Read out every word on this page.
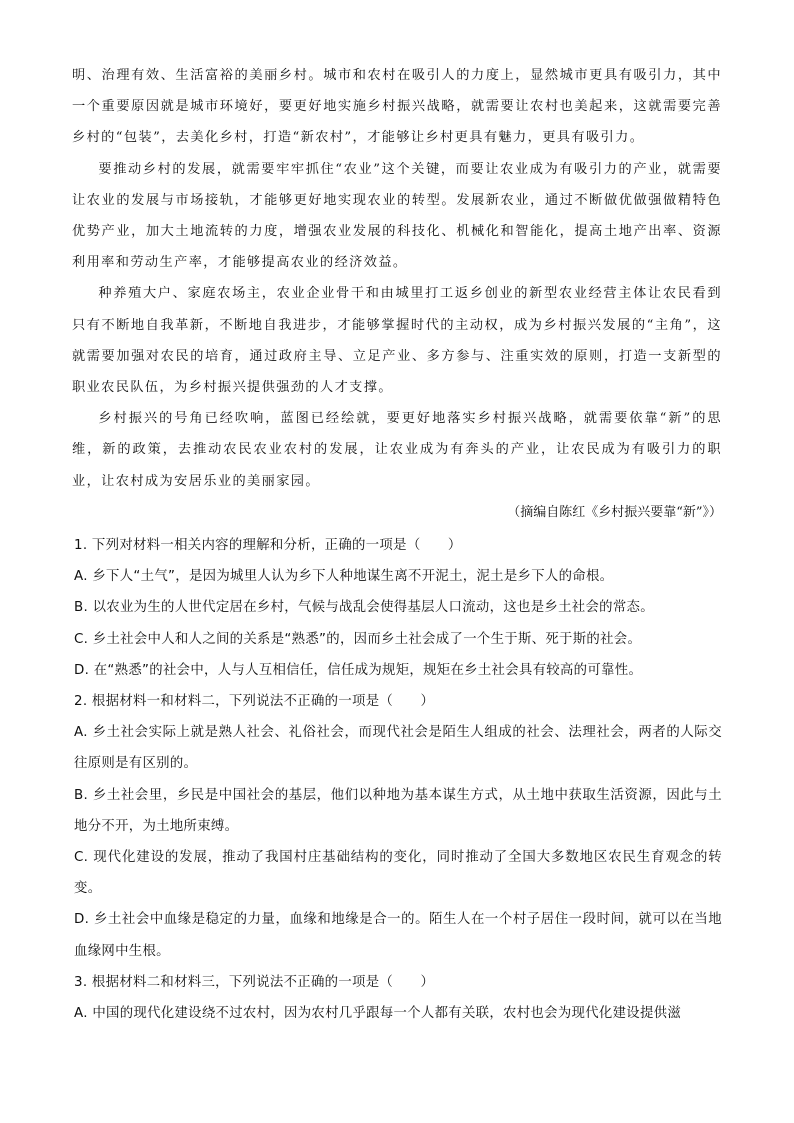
明、治理有效、生活富裕的美丽乡村。城市和农村在吸引人的力度上，显然城市更具有吸引力，其中一个重要原因就是城市环境好，要更好地实施乡村振兴战略，就需要让农村也美起来，这就需要完善乡村的“包装”，去美化乡村，打造“新农村”，才能够让乡村更具有魅力，更具有吸引力。

要推动乡村的发展，就需要牢牢抓住“农业”这个关键，而要让农业成为有吸引力的产业，就需要让农业的发展与市场接轨，才能够更好地实现农业的转型。发展新农业，通过不断做优做强做精特色优势产业，加大土地流转的力度，增强农业发展的科技化、机械化和智能化，提高土地产出率、资源利用率和劳动生产率，才能够提高农业的经济效益。

种养殖大户、家庭农场主，农业企业骨干和由城里打工返乡创业的新型农业经营主体让农民看到只有不断地自我革新，不断地自我进步，才能够掌握时代的主动权，成为乡村振兴发展的“主角”，这就需要加强对农民的培育，通过政府主导、立足产业、多方参与、注重实效的原则，打造一支新型的职业农民队伍，为乡村振兴提供强劲的人才支撑。

乡村振兴的号角已经吹响，蓝图已经绘就，要更好地落实乡村振兴战略，就需要依靠“新”的思维，新的政策，去推动农民农业农村的发展，让农业成为有奔头的产业，让农民成为有吸引力的职业，让农村成为安居乐业的美丽家园。

（摘编自陈红《乡村振兴要靠“新”》）
1. 下列对材料一相关内容的理解和分析，正确的一项是（　　）
A. 乡下人“土气”，是因为城里人认为乡下人种地谋生离不开泥土，泥土是乡下人的命根。
B. 以农业为生的人世代定居在乡村，气候与战乱会使得基层人口流动，这也是乡土社会的常态。
C. 乡土社会中人和人之间的关系是“熟悉”的，因而乡土社会成了一个生于斯、死于斯的社会。
D. 在“熟悉”的社会中，人与人互相信任，信任成为规矩，规矩在乡土社会具有较高的可靠性。
2. 根据材料一和材料二，下列说法不正确的一项是（　　）
A. 乡土社会实际上就是熟人社会、礼俗社会，而现代社会是陌生人组成的社会、法理社会，两者的人际交往原则是有区别的。
B. 乡土社会里，乡民是中国社会的基层，他们以种地为基本谋生方式，从土地中获取生活资源，因此与土地分不开，为土地所束缚。
C. 现代化建设的发展，推动了我国村庄基础结构的变化，同时推动了全国大多数地区农民生育观念的转变。
D. 乡土社会中血缘是稳定的力量，血缘和地缘是合一的。陌生人在一个村子居住一段时间，就可以在当地血缘网中生根。
3. 根据材料二和材料三，下列说法不正确的一项是（　　）
A. 中国的现代化建设绕不过农村，因为农村几乎跟每一个人都有关联，农村也会为现代化建设提供滋
